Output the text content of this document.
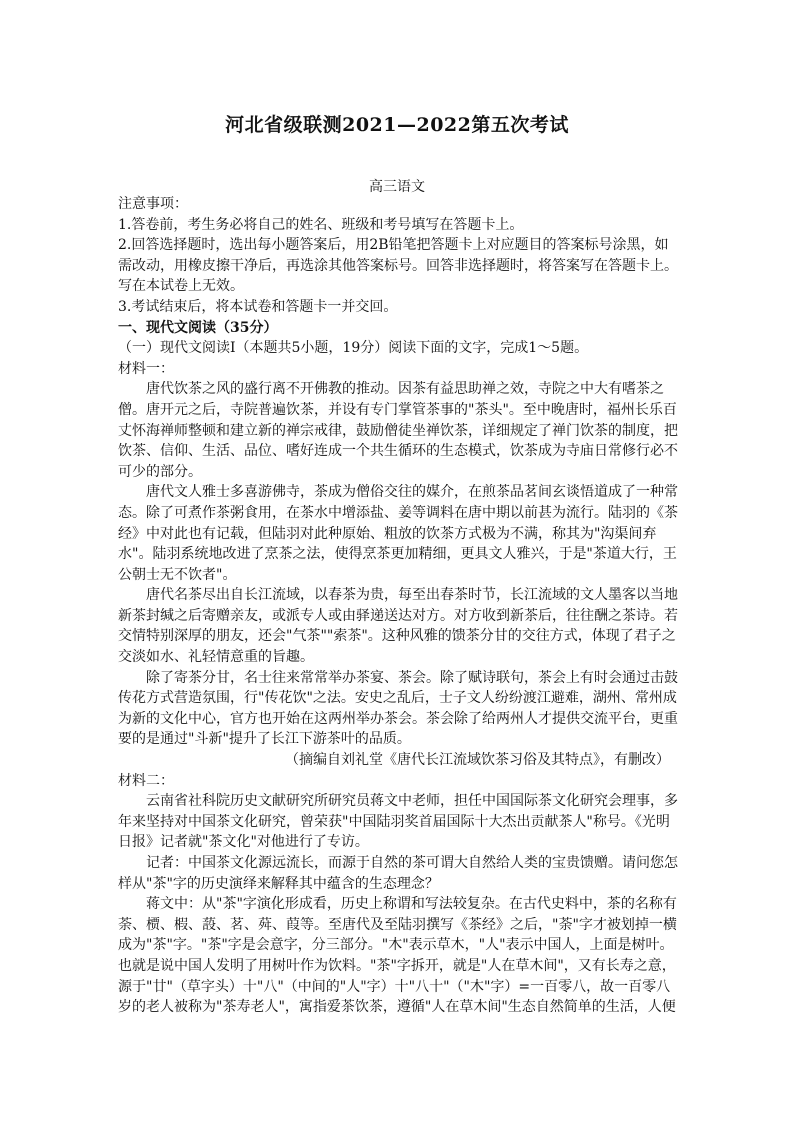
河北省级联测2021—2022第五次考试
高三语文

注意事项：

1.答卷前，考生务必将自己的姓名、班级和考号填写在答题卡上。

2.回答选择题时，选出每小题答案后，用2B铅笔把答题卡上对应题目的答案标号涂黑，如需改动，用橡皮擦干净后，再选涂其他答案标号。回答非选择题时，将答案写在答题卡上。写在本试卷上无效。

3.考试结束后，将本试卷和答题卡一并交回。

一、现代文阅读（35分）

（一）现代文阅读Ⅰ（本题共5小题，19分）阅读下面的文字，完成1～5题。

材料一：

唐代饮茶之风的盛行离不开佛教的推动。因茶有益思助禅之效，寺院之中大有嗜茶之僧。唐开元之后，寺院普遍饮茶，并设有专门掌管茶事的"茶头"。至中晚唐时，福州长乐百丈怀海禅师整顿和建立新的禅宗戒律，鼓励僧徒坐禅饮茶，详细规定了禅门饮茶的制度，把饮茶、信仰、生活、品位、嗜好连成一个共生循环的生态模式，饮茶成为寺庙日常修行必不可少的部分。

唐代文人雅士多喜游佛寺，茶成为僧俗交往的媒介，在煎茶品茗间玄谈悟道成了一种常态。除了可煮作茶粥食用，在茶水中增添盐、姜等调料在唐中期以前甚为流行。陆羽的《茶经》中对此也有记载，但陆羽对此种原始、粗放的饮茶方式极为不满，称其为"沟渠间弃水"。陆羽系统地改进了烹茶之法，使得烹茶更加精细，更具文人雅兴，于是"茶道大行，王公朝士无不饮者"。

唐代名茶尽出自长江流域，以春茶为贵，每至出春茶时节，长江流域的文人墨客以当地新茶封缄之后寄赠亲友，或派专人或由驿递送达对方。对方收到新茶后，往往酬之茶诗。若交情特别深厚的朋友，还会"气茶""索茶"。这种风雅的馈茶分甘的交往方式，体现了君子之交淡如水、礼轻情意重的旨趣。

除了寄茶分甘，名士往来常常举办茶宴、茶会。除了赋诗联句，茶会上有时会通过击鼓传花方式营造氛围，行"传花饮"之法。安史之乱后，士子文人纷纷渡江避难，湖州、常州成为新的文化中心，官方也开始在这两州举办茶会。茶会除了给两州人才提供交流平台，更重要的是通过"斗新"提升了长江下游茶叶的品质。

（摘编自刘礼堂《唐代长江流域饮茶习俗及其特点》，有删改）

材料二：

云南省社科院历史文献研究所研究员蒋文中老师，担任中国国际茶文化研究会理事，多年来坚持对中国茶文化研究，曾荣获"中国陆羽奖首届国际十大杰出贡献茶人"称号。《光明日报》记者就"茶文化"对他进行了专访。

记者：中国茶文化源远流长，而源于自然的茶可谓大自然给人类的宝贵馈赠。请问您怎样从"茶"字的历史演绎来解释其中蕴含的生态理念？

蒋文中：从"茶"字演化形成看，历史上称谓和写法较复杂。在古代史料中，茶的名称有荼、槚、椵、蔎、茗、荈、葭等。至唐代及至陆羽撰写《茶经》之后，"荼"字才被划掉一横成为"茶"字。"茶"字是会意字，分三部分。"木"表示草木，"人"表示中国人，上面是树叶。也就是说中国人发明了用树叶作为饮料。"茶"字拆开，就是"人在草木间"，又有长寿之意，源于"廿"（草字头）十"八"（中间的"人"字）十"八十"（"木"字）=一百零八，故一百零八岁的老人被称为"茶寿老人"，寓指爱茶饮茶，遵循"人在草木间"生态自然简单的生活，人便
